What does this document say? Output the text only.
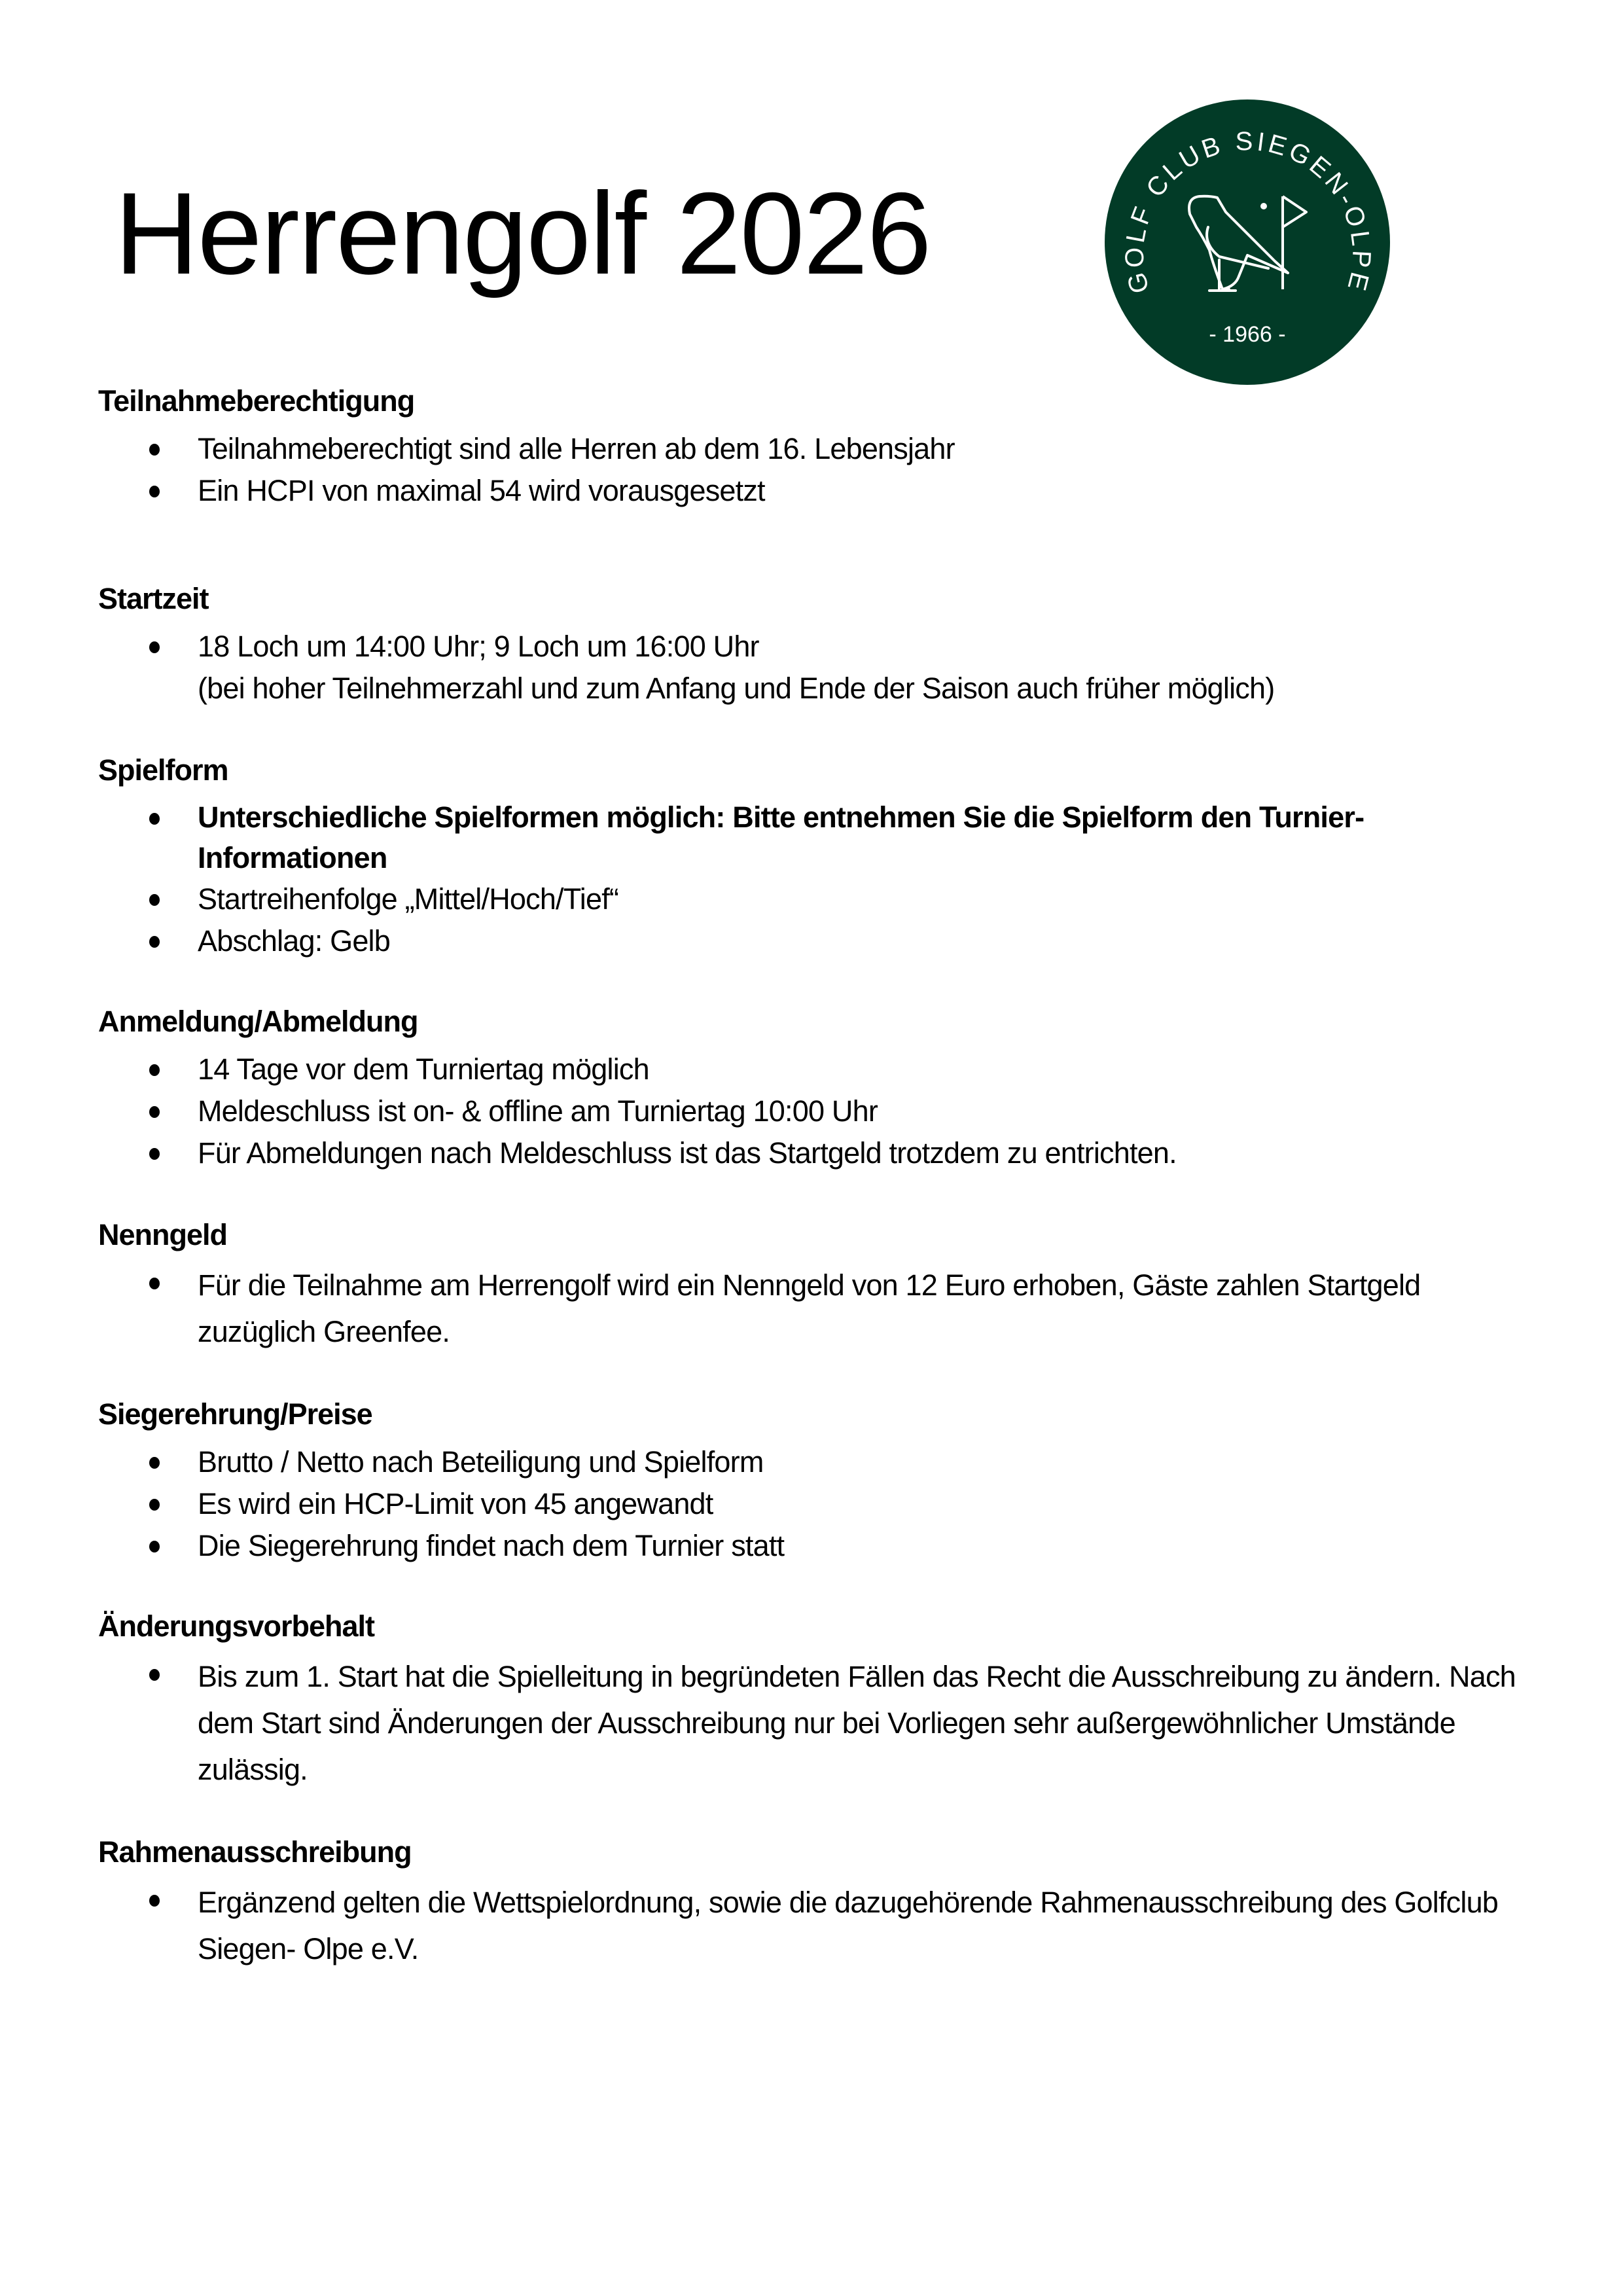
Herrengolf 2026	GOLF CLUB SIEGEN-OLPE
- 1966 -
Teilnahmeberechtigung
Teilnahmeberechtigt sind alle Herren ab dem 16. Lebensjahr
Ein HCPI von maximal 54 wird vorausgesetzt
Startzeit
18 Loch um 14:00 Uhr; 9 Loch um 16:00 Uhr
(bei hoher Teilnehmerzahl und zum Anfang und Ende der Saison auch früher möglich)
Spielform
Unterschiedliche Spielformen möglich: Bitte entnehmen Sie die Spielform den Turnier-Informationen
Startreihenfolge „Mittel/Hoch/Tief“
Abschlag: Gelb
Anmeldung/Abmeldung
14 Tage vor dem Turniertag möglich
Meldeschluss ist on- & offline am Turniertag 10:00 Uhr
Für Abmeldungen nach Meldeschluss ist das Startgeld trotzdem zu entrichten.
Nenngeld
Für die Teilnahme am Herrengolf wird ein Nenngeld von 12 Euro erhoben, Gäste zahlen Startgeld zuzüglich Greenfee.
Siegerehrung/Preise
Brutto / Netto nach Beteiligung und Spielform
Es wird ein HCP-Limit von 45 angewandt
Die Siegerehrung findet nach dem Turnier statt
Änderungsvorbehalt
Bis zum 1. Start hat die Spielleitung in begründeten Fällen das Recht die Ausschreibung zu ändern. Nach dem Start sind Änderungen der Ausschreibung nur bei Vorliegen sehr außergewöhnlicher Umstände zulässig.
Rahmenausschreibung
Ergänzend gelten die Wettspielordnung, sowie die dazugehörende Rahmenausschreibung des Golfclub Siegen- Olpe e.V.
